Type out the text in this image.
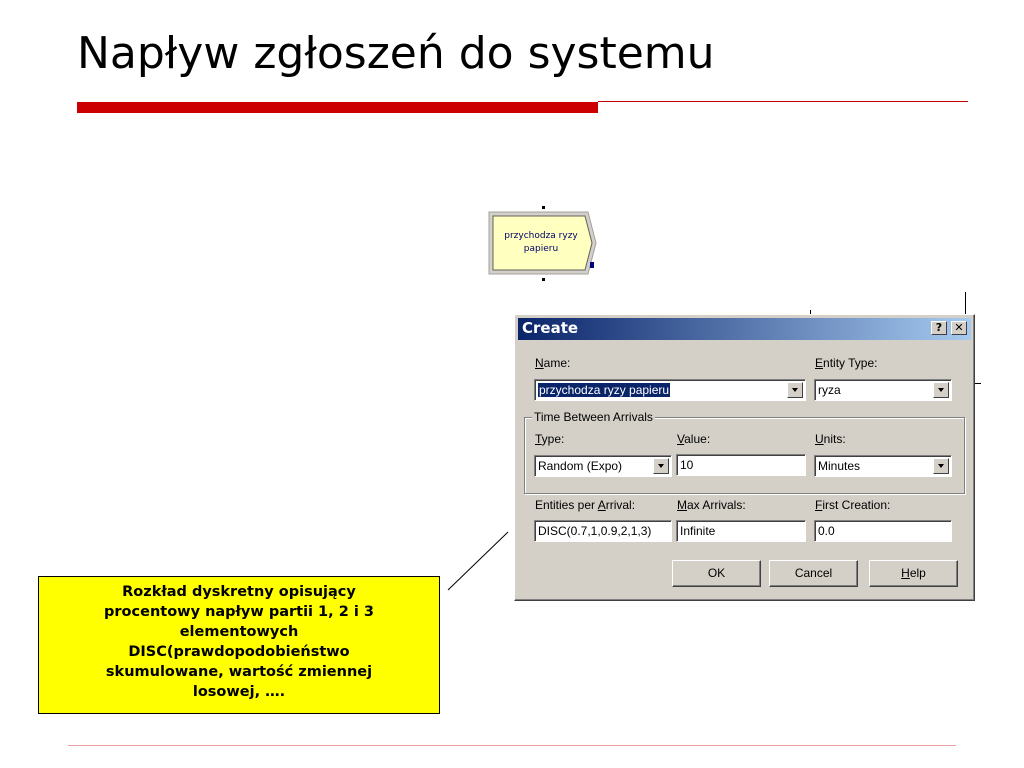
Napływ zgłoszeń do systemu
przychodza ryzy
papieru
Create	?	✕
Name:
przychodza ryzy papieru
Entity Type:
ryza
Time Between Arrivals
Type:
Random (Expo)
Value:
10
Units:
Minutes
Entities per Arrival:
DISC(0.7,1,0.9,2,1,3)
Max Arrivals:
Infinite
First Creation:
0.0
OK	Cancel	Help
Rozkład dyskretny opisujący
procentowy napływ partii 1, 2 i 3
elementowych
DISC(prawdopodobieństwo
skumulowane, wartość zmiennej
losowej, ….
